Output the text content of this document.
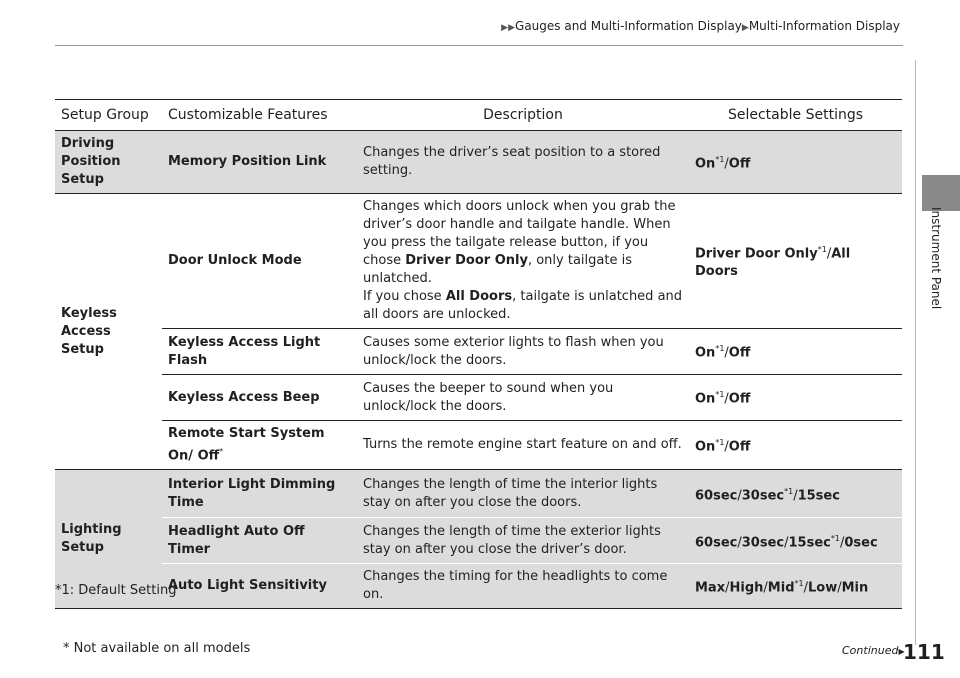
▶▶Gauges and Multi-Information Display▶Multi-Information Display
Instrument Panel
Setup Group	Customizable Features	Description	Selectable Settings
Driving Position Setup	Memory Position Link	Changes the driver’s seat position to a stored setting.	On$^{*1}$/Off
Keyless Access Setup	Door Unlock Mode	Changes which doors unlock when you grab the driver’s door handle and tailgate handle. When you press the tailgate release button, if you chose Driver Door Only, only tailgate is unlatched.
If you chose All Doors, tailgate is unlatched and all doors are unlocked.	Driver Door Only$^{*1}$/All Doors
	Keyless Access Light Flash	Causes some exterior lights to flash when you unlock/lock the doors.	On$^{*1}$/Off
	Keyless Access Beep	Causes the beeper to sound when you unlock/lock the doors.	On$^{*1}$/Off
	Remote Start System On/ Off*	Turns the remote engine start feature on and off.	On$^{*1}$/Off
Lighting Setup	Interior Light Dimming Time	Changes the length of time the interior lights stay on after you close the doors.	$60\sec/30\sec^{*1}/15\sec$
	Headlight Auto Off Timer	Changes the length of time the exterior lights stay on after you close the driver’s door.	$60\sec/30\sec/15\sec^{*1}/0\sec$
	Auto Light Sensitivity	Changes the timing for the headlights to come on.	Max/High/Mid$^{*1}$/Low/Min
*1: Default Setting
* Not available on all models	Continued▶
111
